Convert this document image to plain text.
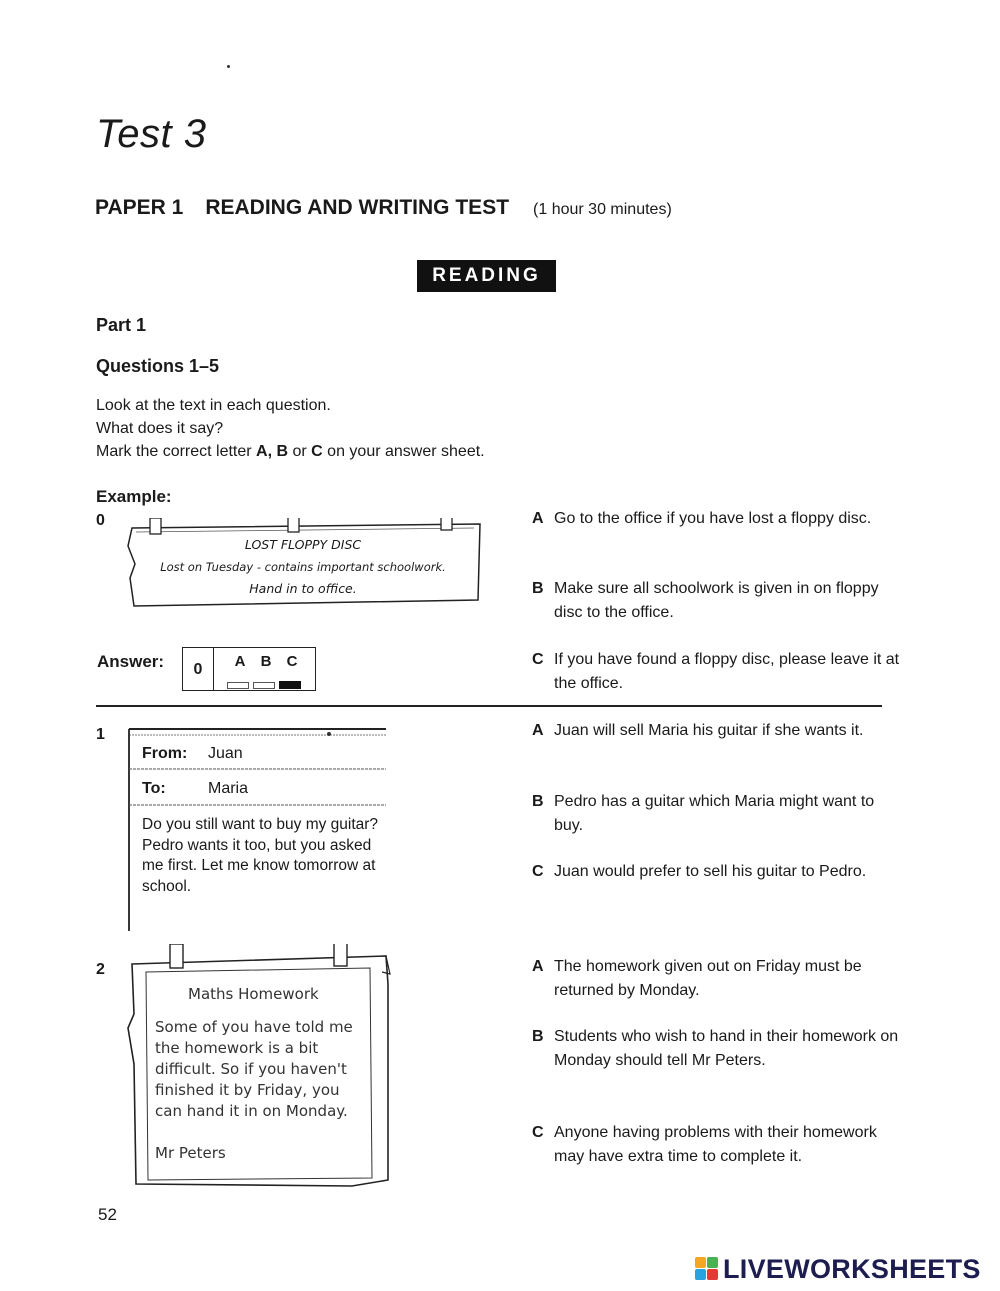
Test 3
PAPER 1 READING AND WRITING TEST (1 hour 30 minutes)
READING
Part 1
Questions 1–5
Look at the text in each question.
What does it say?
Mark the correct letter A, B or C on your answer sheet.
Example:
0
LOST FLOPPY DISC
Lost on Tuesday - contains important schoolwork.
Hand in to office.
Answer:	0	A B C
A Go to the office if you have lost a floppy disc.
B Make sure all schoolwork is given in on floppy disc to the office.
C If you have found a floppy disc, please leave it at the office.
1
From: Juan
To:	Maria
Do you still want to buy my guitar? Pedro wants it too, but you asked me first. Let me know tomorrow at school.
A Juan will sell Maria his guitar if she wants it.
B Pedro has a guitar which Maria might want to buy.
C Juan would prefer to sell his guitar to Pedro.
2
Maths Homework
Some of you have told me
the homework is a bit
difficult. So if you haven't
finished it by Friday, you
can hand it in on Monday.
Mr Peters
A The homework given out on Friday must be returned by Monday.
B Students who wish to hand in their homework on Monday should tell Mr Peters.
C Anyone having problems with their homework may have extra time to complete it.
52
LIVEWORKSHEETS
